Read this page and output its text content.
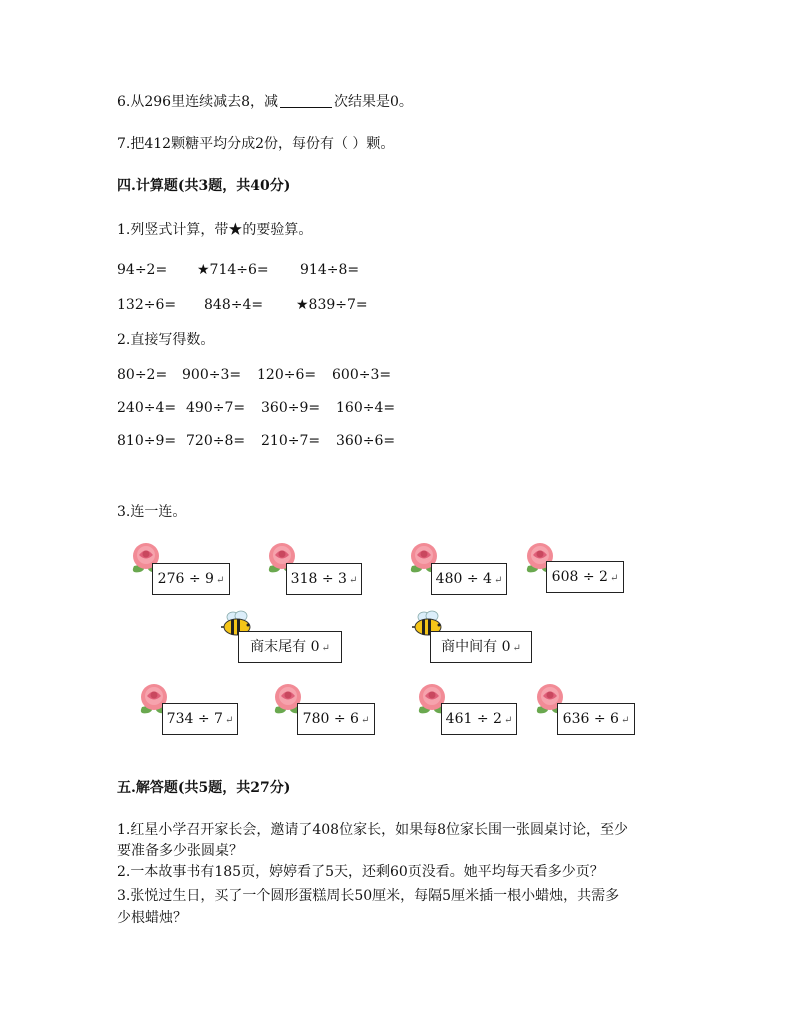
6.从296里连续减去8，减	次结果是0。
7.把412颗糖平均分成2份，每份有（ ）颗。
四.计算题(共3题，共40分)
1.列竖式计算，带★的要验算。
94÷2= ★714÷6= 914÷8=
132÷6= 848÷4= ★839÷7=
2.直接写得数。
80÷2= 900÷3= 120÷6= 600÷3=
240÷4= 490÷7= 360÷9= 160÷4=
810÷9= 720÷8= 210÷7= 360÷6=
3.连一连。
276 ÷ 9 ↵	318 ÷ 3 ↵	480 ÷ 4 ↵	608 ÷ 2 ↵
商末尾有 0 ↵	商中间有 0 ↵
734 ÷ 7 ↵	780 ÷ 6 ↵	461 ÷ 2 ↵	636 ÷ 6 ↵
五.解答题(共5题，共27分)
1.红星小学召开家长会，邀请了408位家长，如果每8位家长围一张圆桌讨论，至少
要准备多少张圆桌？
2.一本故事书有185页，婷婷看了5天，还剩60页没看。她平均每天看多少页？
3.张悦过生日，买了一个圆形蛋糕周长50厘米，每隔5厘米插一根小蜡烛，共需多
少根蜡烛？
